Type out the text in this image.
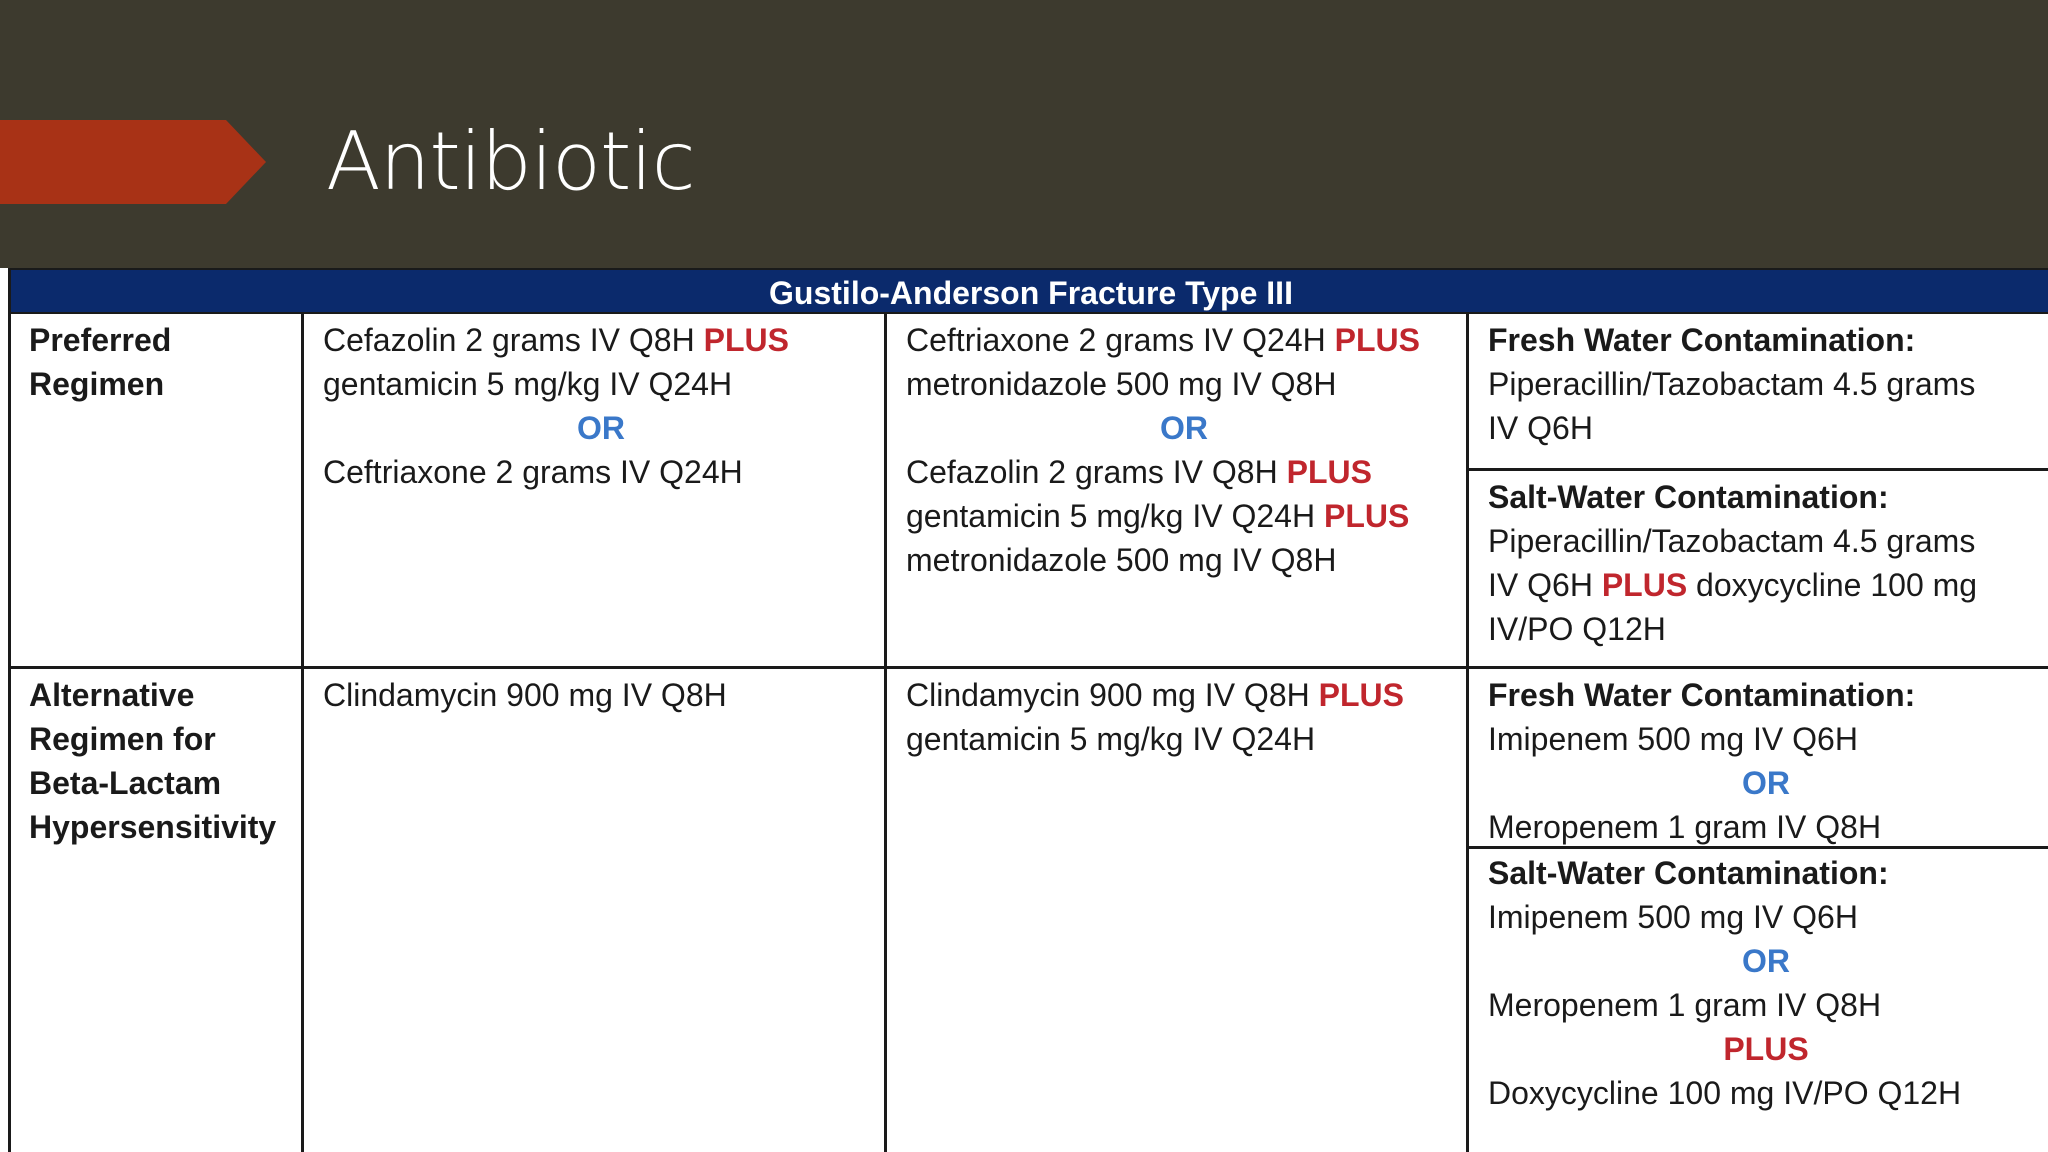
Antibiotic
Gustilo-Anderson Fracture Type III
Preferred
Regimen
Cefazolin 2 grams IV Q8H PLUS
gentamicin 5 mg/kg IV Q24H
OR
Ceftriaxone 2 grams IV Q24H
Ceftriaxone 2 grams IV Q24H PLUS
metronidazole 500 mg IV Q8H
OR
Cefazolin 2 grams IV Q8H PLUS
gentamicin 5 mg/kg IV Q24H PLUS
metronidazole 500 mg IV Q8H
Fresh Water Contamination:
Piperacillin/Tazobactam 4.5 grams
IV Q6H
Salt-Water Contamination:
Piperacillin/Tazobactam 4.5 grams
IV Q6H PLUS doxycycline 100 mg
IV/PO Q12H
Alternative
Regimen for
Beta-Lactam
Hypersensitivity
Clindamycin 900 mg IV Q8H	Clindamycin 900 mg IV Q8H PLUS
gentamicin 5 mg/kg IV Q24H
Fresh Water Contamination:
Imipenem 500 mg IV Q6H
OR
Meropenem 1 gram IV Q8H
Salt-Water Contamination:
Imipenem 500 mg IV Q6H
OR
Meropenem 1 gram IV Q8H
PLUS
Doxycycline 100 mg IV/PO Q12H
